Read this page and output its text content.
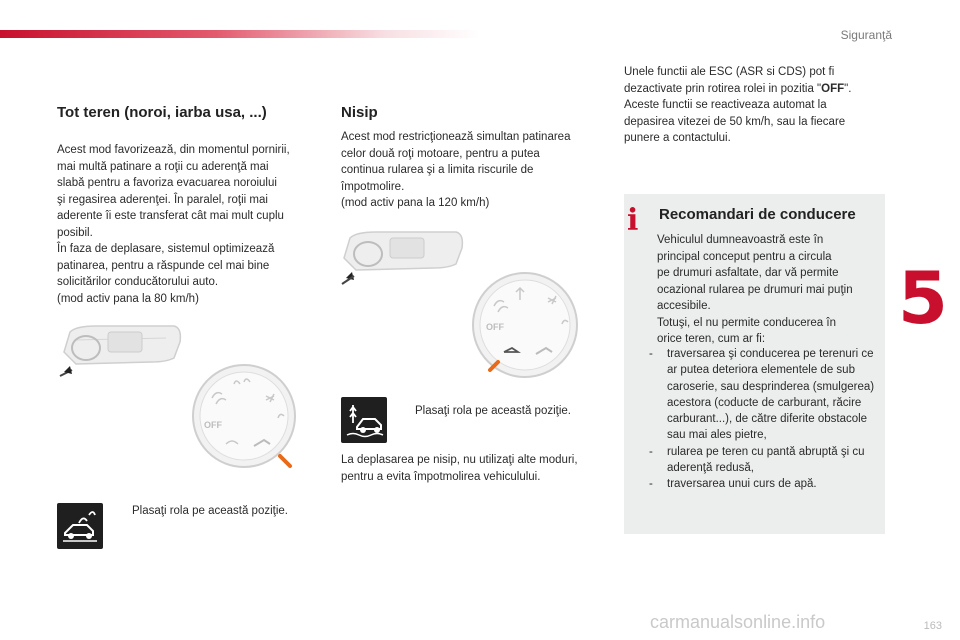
Siguranţă
5
Tot teren (noroi, iarba usa, ...)
Acest mod favorizează, din momentul pornirii,
mai multă patinare a roţii cu aderenţă mai
slabă pentru a favoriza evacuarea noroiului
şi regasirea aderenţei. În paralel, roţii mai
aderente îi este transferat cât mai mult cuplu
posibil.
În faza de deplasare, sistemul optimizează
patinarea, pentru a răspunde cel mai bine
solicitărilor conducătorului auto.
(mod activ pana la 80 km/h)
OFF
Plasaţi rola pe această poziţie.
Nisip
Acest mod restricţionează simultan patinarea
celor două roţi motoare, pentru a putea
continua rularea şi a limita riscurile de
împotmolire.
(mod activ pana la 120 km/h)
OFF
Plasaţi rola pe această poziţie.
La deplasarea pe nisip, nu utilizaţi alte moduri,
pentru a evita împotmolirea vehiculului.
Unele functii ale ESC (ASR si CDS) pot fi
dezactivate prin rotirea rolei in pozitia "OFF".
Aceste functii se reactiveaza automat la
depasirea vitezei de 50 km/h, sau la fiecare
punere a contactului.
i Recomandari de conducere
Vehiculul dumneavoastră este în
principal conceput pentru a circula
pe drumuri asfaltate, dar vă permite
ocazional rularea pe drumuri mai puţin
accesibile.
Totuşi, el nu permite conducerea în
orice teren, cum ar fi:
- traversarea şi conducerea pe terenuri ce ar putea deteriora elementele de sub caroserie, sau desprinderea (smulgerea) acestora (coducte de carburant, răcire carburant...), de către diferite obstacole sau mai ales pietre,
- rularea pe teren cu pantă abruptă şi cu aderenţă redusă,
- traversarea unui curs de apă.
carmanualsonline.info	163
